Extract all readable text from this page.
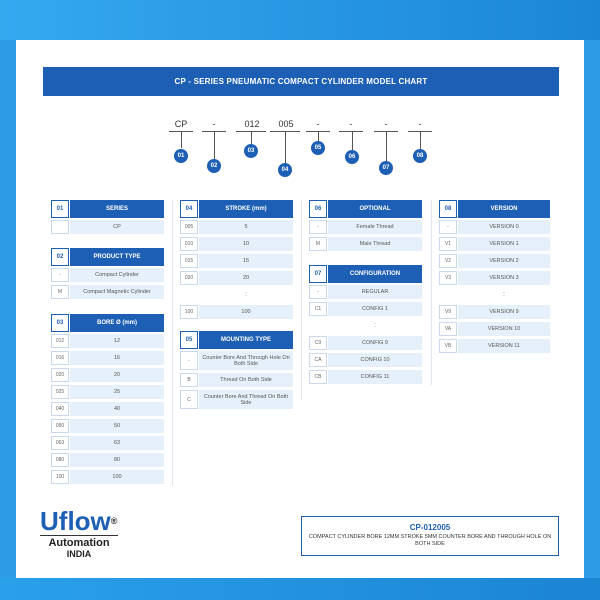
CP - SERIES PNEUMATIC COMPACT CYLINDER MODEL CHART
CP	-	012	005	-	-	-	-
01
02
03
04
05
06
07
08
01	SERIES
CP
02	PRODUCT TYPE
-	Compact Cylinder
M	Compact Magnetic Cylinder
03	BORE Ø (mm)
012	12
016	16
020	20
025	25
040	40
050	50
063	63
080	80
100	100
04	STROKE (mm)
005	5
010	10
015	15
020	20
:
100	100
05	MOUNTING TYPE
-	Counter Bore And Through Hole On Both Side
B	Thread On Both Side
C	Counter Bore And Thread On Both Side
06	OPTIONAL
-	Female Thread
M	Male Thread
07	CONFIGURATION
-	REGULAR
C1	CONFIG 1
:
C9	CONFIG 9
CA	CONFIG 10
CB	CONFIG 11
08	VERSION
-	VERSION 0
V1	VERSION 1
V2	VERSION 2
V3	VERSION 3
:
V9	VERSION 9
VA	VERSION 10
VB	VERSION 11
Uflow®
Automation
INDIA
CP-012005
COMPACT CYLINDER BORE 12MM STROKE 5MM COUNTER BORE AND THROUGH HOLE ON BOTH SIDE
